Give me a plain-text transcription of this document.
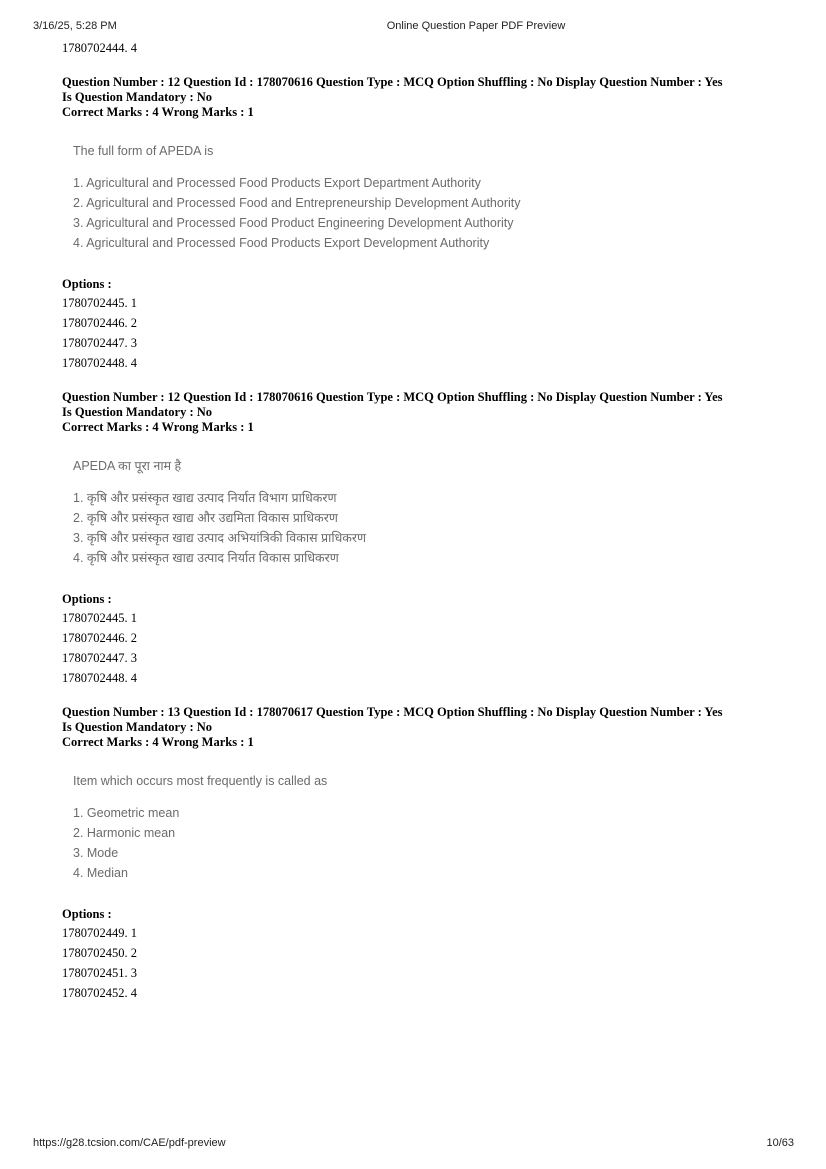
3/16/25, 5:28 PM	Online Question Paper PDF Preview
1780702444. 4
Question Number : 12 Question Id : 178070616 Question Type : MCQ Option Shuffling : No Display Question Number : Yes
Is Question Mandatory : No
Correct Marks : 4 Wrong Marks : 1
The full form of APEDA is
1. Agricultural and Processed Food Products Export Department Authority
2. Agricultural and Processed Food and Entrepreneurship Development Authority
3. Agricultural and Processed Food Product Engineering Development Authority
4. Agricultural and Processed Food Products Export Development Authority
Options :
1780702445. 1
1780702446. 2
1780702447. 3
1780702448. 4
Question Number : 12 Question Id : 178070616 Question Type : MCQ Option Shuffling : No Display Question Number : Yes
Is Question Mandatory : No
Correct Marks : 4 Wrong Marks : 1
APEDA का पूरा नाम है
1. कृषि और प्रसंस्कृत खाद्य उत्पाद निर्यात विभाग प्राधिकरण
2. कृषि और प्रसंस्कृत खाद्य और उद्यमिता विकास प्राधिकरण
3. कृषि और प्रसंस्कृत खाद्य उत्पाद अभियांत्रिकी विकास प्राधिकरण
4. कृषि और प्रसंस्कृत खाद्य उत्पाद निर्यात विकास प्राधिकरण
Options :
1780702445. 1
1780702446. 2
1780702447. 3
1780702448. 4
Question Number : 13 Question Id : 178070617 Question Type : MCQ Option Shuffling : No Display Question Number : Yes
Is Question Mandatory : No
Correct Marks : 4 Wrong Marks : 1
Item which occurs most frequently is called as
1. Geometric mean
2. Harmonic mean
3. Mode
4. Median
Options :
1780702449. 1
1780702450. 2
1780702451. 3
1780702452. 4
https://g28.tcsion.com/CAE/pdf-preview	10/63
